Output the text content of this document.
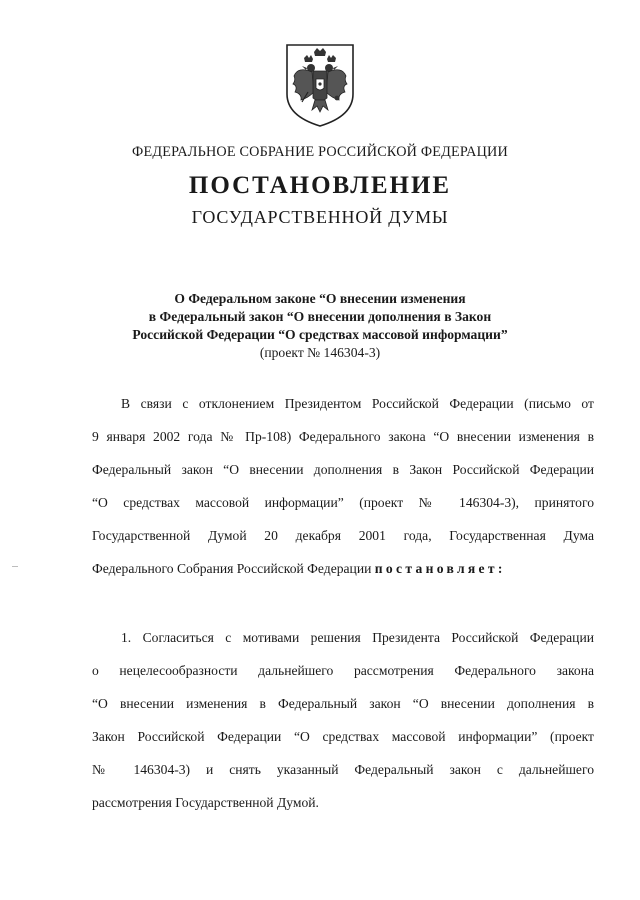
ФЕДЕРАЛЬНОЕ СОБРАНИЕ РОССИЙСКОЙ ФЕДЕРАЦИИ
ПОСТАНОВЛЕНИЕ
ГОСУДАРСТВЕННОЙ ДУМЫ
О Федеральном законе “О внесении изменения
в Федеральный закон “О внесении дополнения в Закон
Российской Федерации “О средствах массовой информации”
(проект № 146304-3)
В связи с отклонением Президентом Российской Федерации (письмо от
9 января 2002 года № Пр-108) Федерального закона “О внесении изменения в
Федеральный закон “О внесении дополнения в Закон Российской Федерации
“О средствах массовой информации” (проект № 146304-3), принятого
Государственной Думой 20 декабря 2001 года, Государственная Дума
Федерального Собрания Российской Федерации постановляет:
1. Согласиться с мотивами решения Президента Российской Федерации
о нецелесообразности дальнейшего рассмотрения Федерального закона
“О внесении изменения в Федеральный закон “О внесении дополнения в
Закон Российской Федерации “О средствах массовой информации” (проект
№ 146304-3) и снять указанный Федеральный закон с дальнейшего
рассмотрения Государственной Думой.
